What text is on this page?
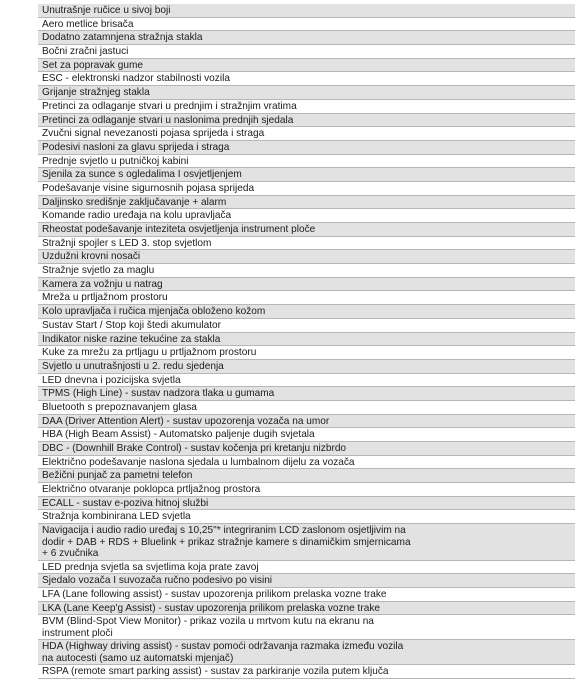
Unutrašnje ručice u sivoj boji
Aero metlice brisača
Dodatno zatamnjena stražnja stakla
Bočni zračni jastuci
Set za popravak gume
ESC - elektronski nadzor stabilnosti vozila
Grijanje stražnjeg stakla
Pretinci za odlaganje stvari u prednjim i stražnjim vratima
Pretinci za odlaganje stvari u naslonima prednjih sjedala
Zvučni signal nevezanosti pojasa sprijeda i straga
Podesivi nasloni za glavu sprijeda i straga
Prednje svjetlo u putničkoj kabini
Sjenila za sunce s ogledalima I osvjetljenjem
Podešavanje visine sigurnosnih pojasa sprijeda
Daljinsko središnje zaključavanje + alarm
Komande radio uređaja na kolu upravljača
Rheostat podešavanje inteziteta osvjetljenja instrument ploče
Stražnji spojler s LED 3. stop svjetlom
Uzdužni krovni nosači
Stražnje svjetlo za maglu
Kamera za vožnju u natrag
Mreža u prtljažnom prostoru
Kolo upravljača i ručica mjenjača obloženo kožom
Sustav Start / Stop koji štedi akumulator
Indikator niske razine tekućine za stakla
Kuke za mrežu za prtljagu u prtljažnom prostoru
Svjetlo u unutrašnjosti u 2. redu sjedenja
LED dnevna i pozicijska svjetla
TPMS (High Line) - sustav nadzora tlaka u gumama
Bluetooth s prepoznavanjem glasa
DAA (Driver Attention Alert) - sustav upozorenja vozača na umor
HBA (High Beam Assist) - Automatsko paljenje dugih svjetala
DBC - (Downhill Brake Control) - sustav kočenja pri kretanju nizbrdo
Električno podešavanje naslona sjedala u lumbalnom dijelu za vozača
Bežični punjač za pametni telefon
Električno otvaranje poklopca prtljažnog prostora
ECALL - sustav e-poziva hitnoj službi
Stražnja kombinirana LED svjetla
Navigacija i audio radio uređaj s 10,25"* integriranim LCD zaslonom osjetljivim na
dodir + DAB + RDS + Bluelink + prikaz stražnje kamere s dinamičkim smjernicama
+ 6 zvučnika
LED prednja svjetla sa svjetlima koja prate zavoj
Sjedalo vozača I suvozača ručno podesivo po visini
LFA (Lane following assist) - sustav upozorenja prilikom prelaska vozne trake
LKA (Lane Keep'g Assist) - sustav upozorenja prilikom prelaska vozne trake
BVM (Blind-Spot View Monitor) - prikaz vozila u mrtvom kutu na ekranu na
instrument ploči
HDA (Highway driving assist) - sustav pomoći održavanja razmaka između vozila
na autocesti (samo uz automatski mjenjač)
RSPA (remote smart parking assist) - sustav za parkiranje vozila putem ključa
